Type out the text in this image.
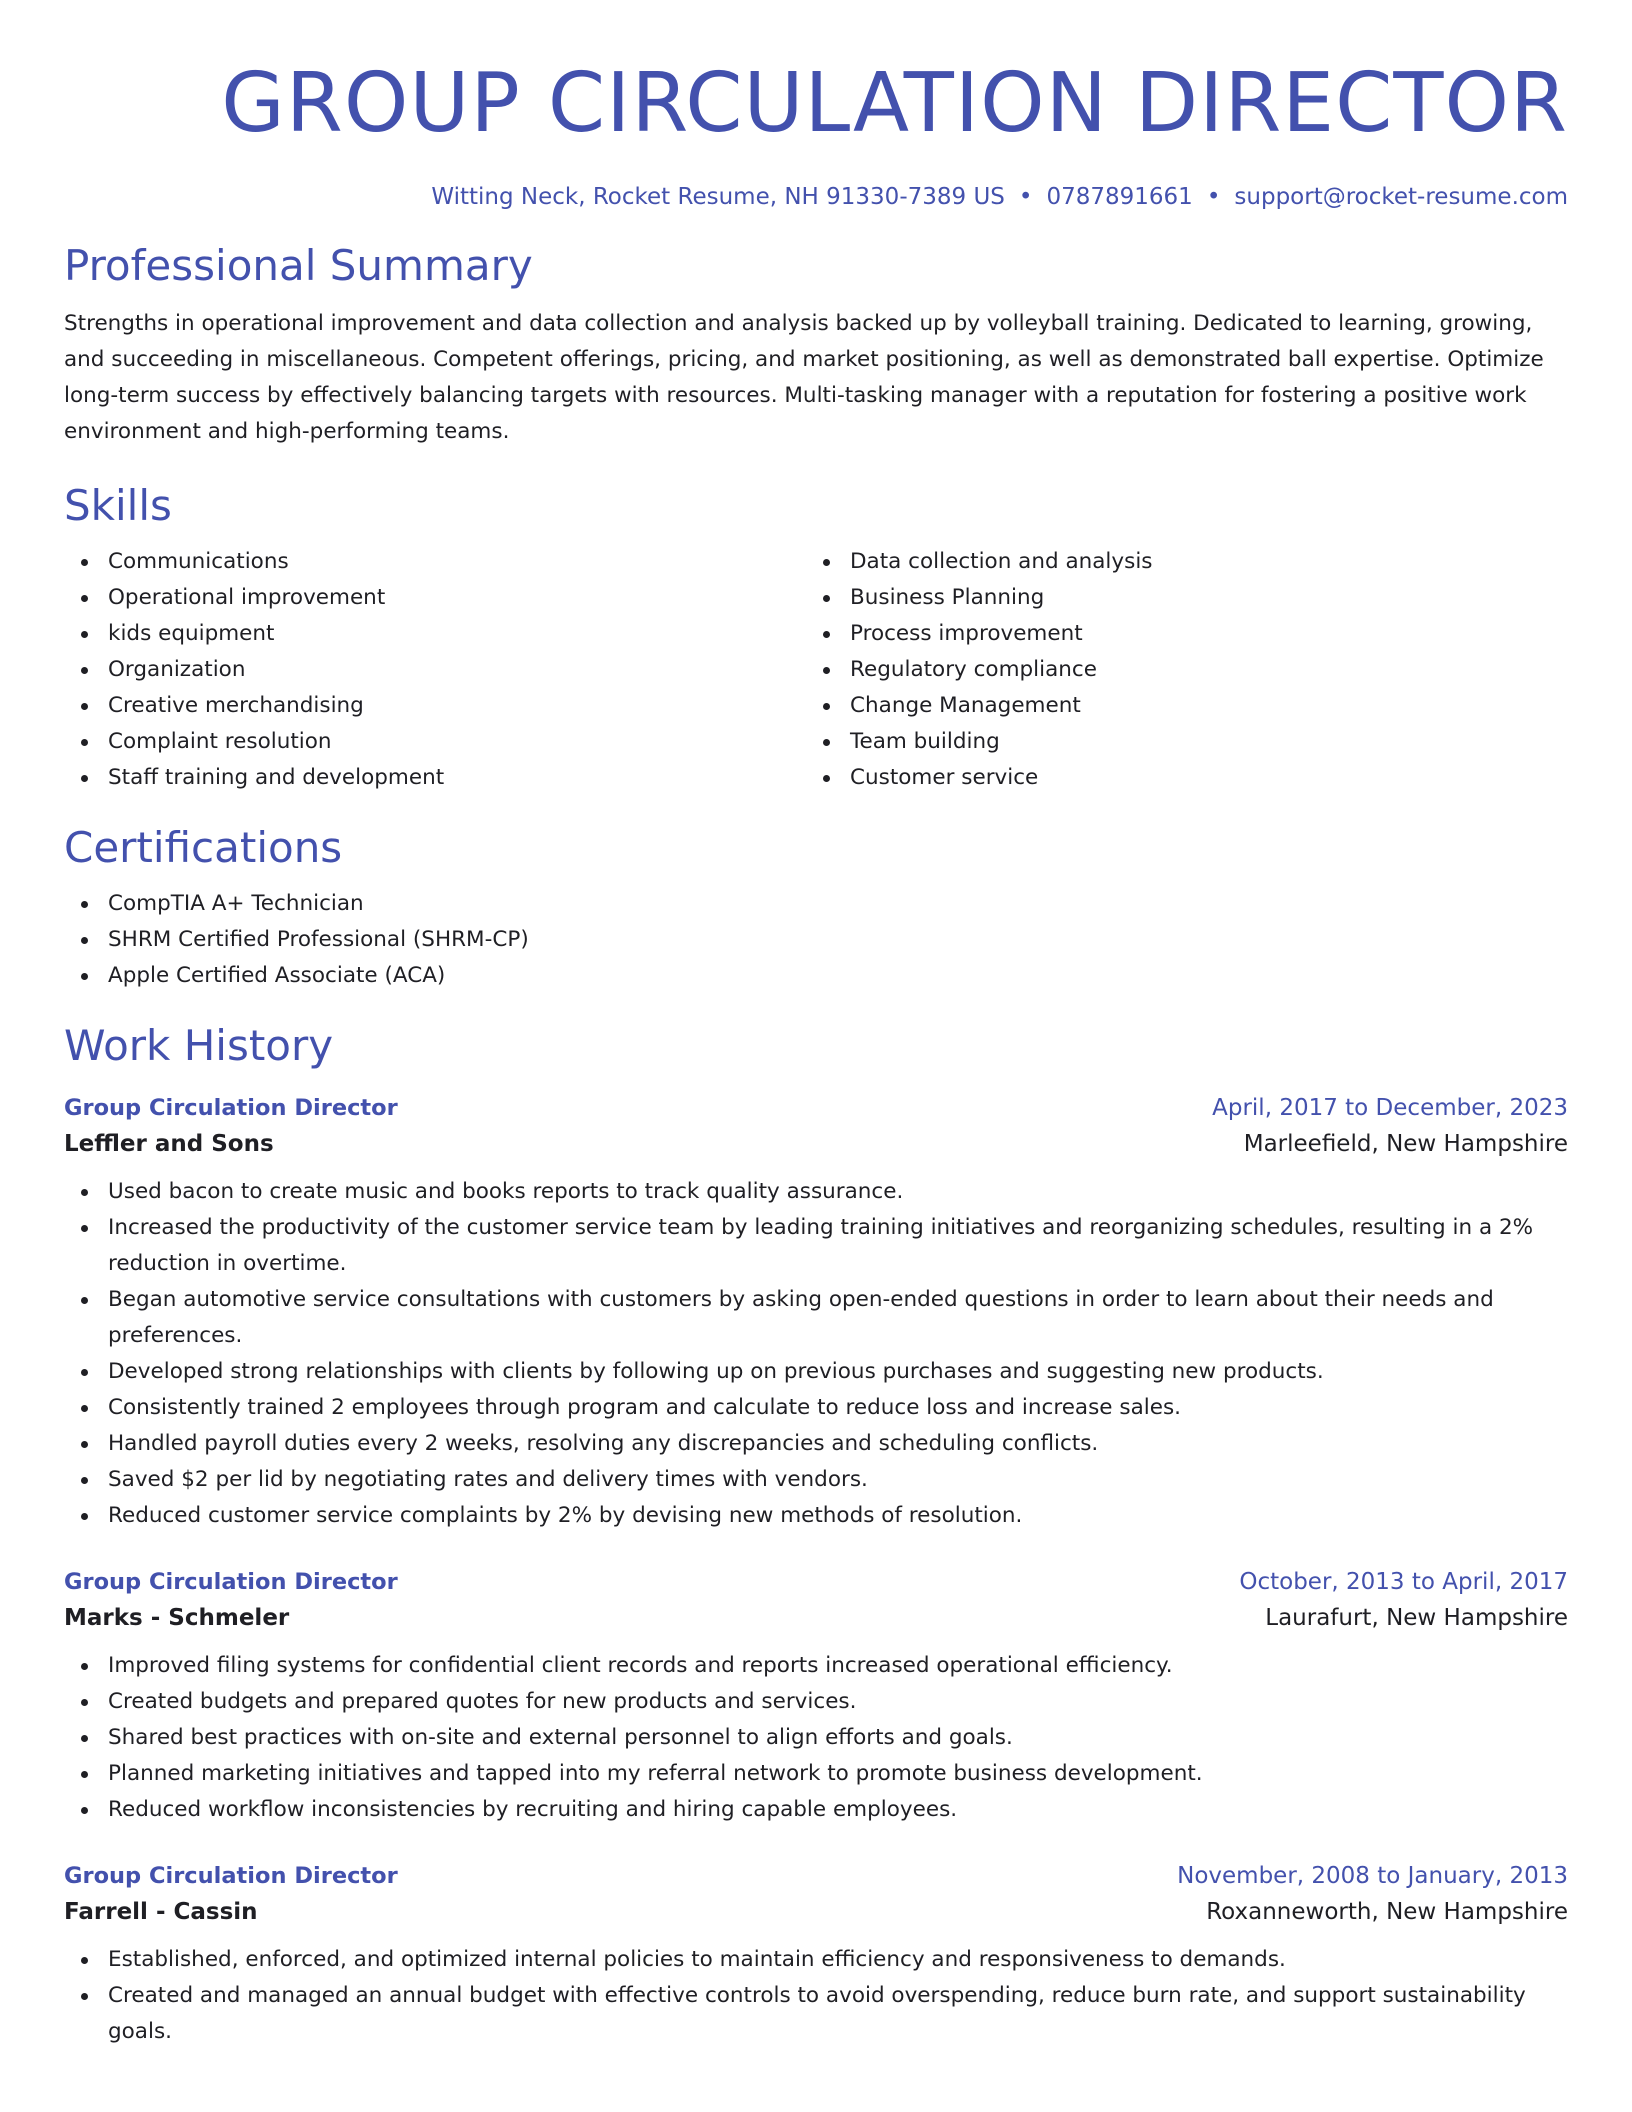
GROUP CIRCULATION DIRECTOR
Witting Neck, Rocket Resume, NH 91330-7389 US • 0787891661 • support@rocket-resume.com
Professional Summary

Strengths in operational improvement and data collection and analysis backed up by volleyball training. Dedicated to learning, growing, and succeeding in miscellaneous. Competent offerings, pricing, and market positioning, as well as demonstrated ball expertise. Optimize long-term success by effectively balancing targets with resources. Multi-tasking manager with a reputation for fostering a positive work environment and high-performing teams.

Skills
Communications
Operational improvement
kids equipment
Organization
Creative merchandising
Complaint resolution
Staff training and development
Data collection and analysis
Business Planning
Process improvement
Regulatory compliance
Change Management
Team building
Customer service
Certifications
CompTIA A+ Technician
SHRM Certified Professional (SHRM-CP)
Apple Certified Associate (ACA)
Work History
Group Circulation Director	April, 2017 to December, 2023
Leffler and Sons	Marleefield, New Hampshire
Used bacon to create music and books reports to track quality assurance.
Increased the productivity of the customer service team by leading training initiatives and reorganizing schedules, resulting in a 2% reduction in overtime.
Began automotive service consultations with customers by asking open-ended questions in order to learn about their needs and preferences.
Developed strong relationships with clients by following up on previous purchases and suggesting new products.
Consistently trained 2 employees through program and calculate to reduce loss and increase sales.
Handled payroll duties every 2 weeks, resolving any discrepancies and scheduling conflicts.
Saved $2 per lid by negotiating rates and delivery times with vendors.
Reduced customer service complaints by 2% by devising new methods of resolution.
Group Circulation Director	October, 2013 to April, 2017
Marks - Schmeler	Laurafurt, New Hampshire
Improved filing systems for confidential client records and reports increased operational efficiency.
Created budgets and prepared quotes for new products and services.
Shared best practices with on-site and external personnel to align efforts and goals.
Planned marketing initiatives and tapped into my referral network to promote business development.
Reduced workflow inconsistencies by recruiting and hiring capable employees.
Group Circulation Director	November, 2008 to January, 2013
Farrell - Cassin	Roxanneworth, New Hampshire
Established, enforced, and optimized internal policies to maintain efficiency and responsiveness to demands.
Created and managed an annual budget with effective controls to avoid overspending, reduce burn rate, and support sustainability goals.
